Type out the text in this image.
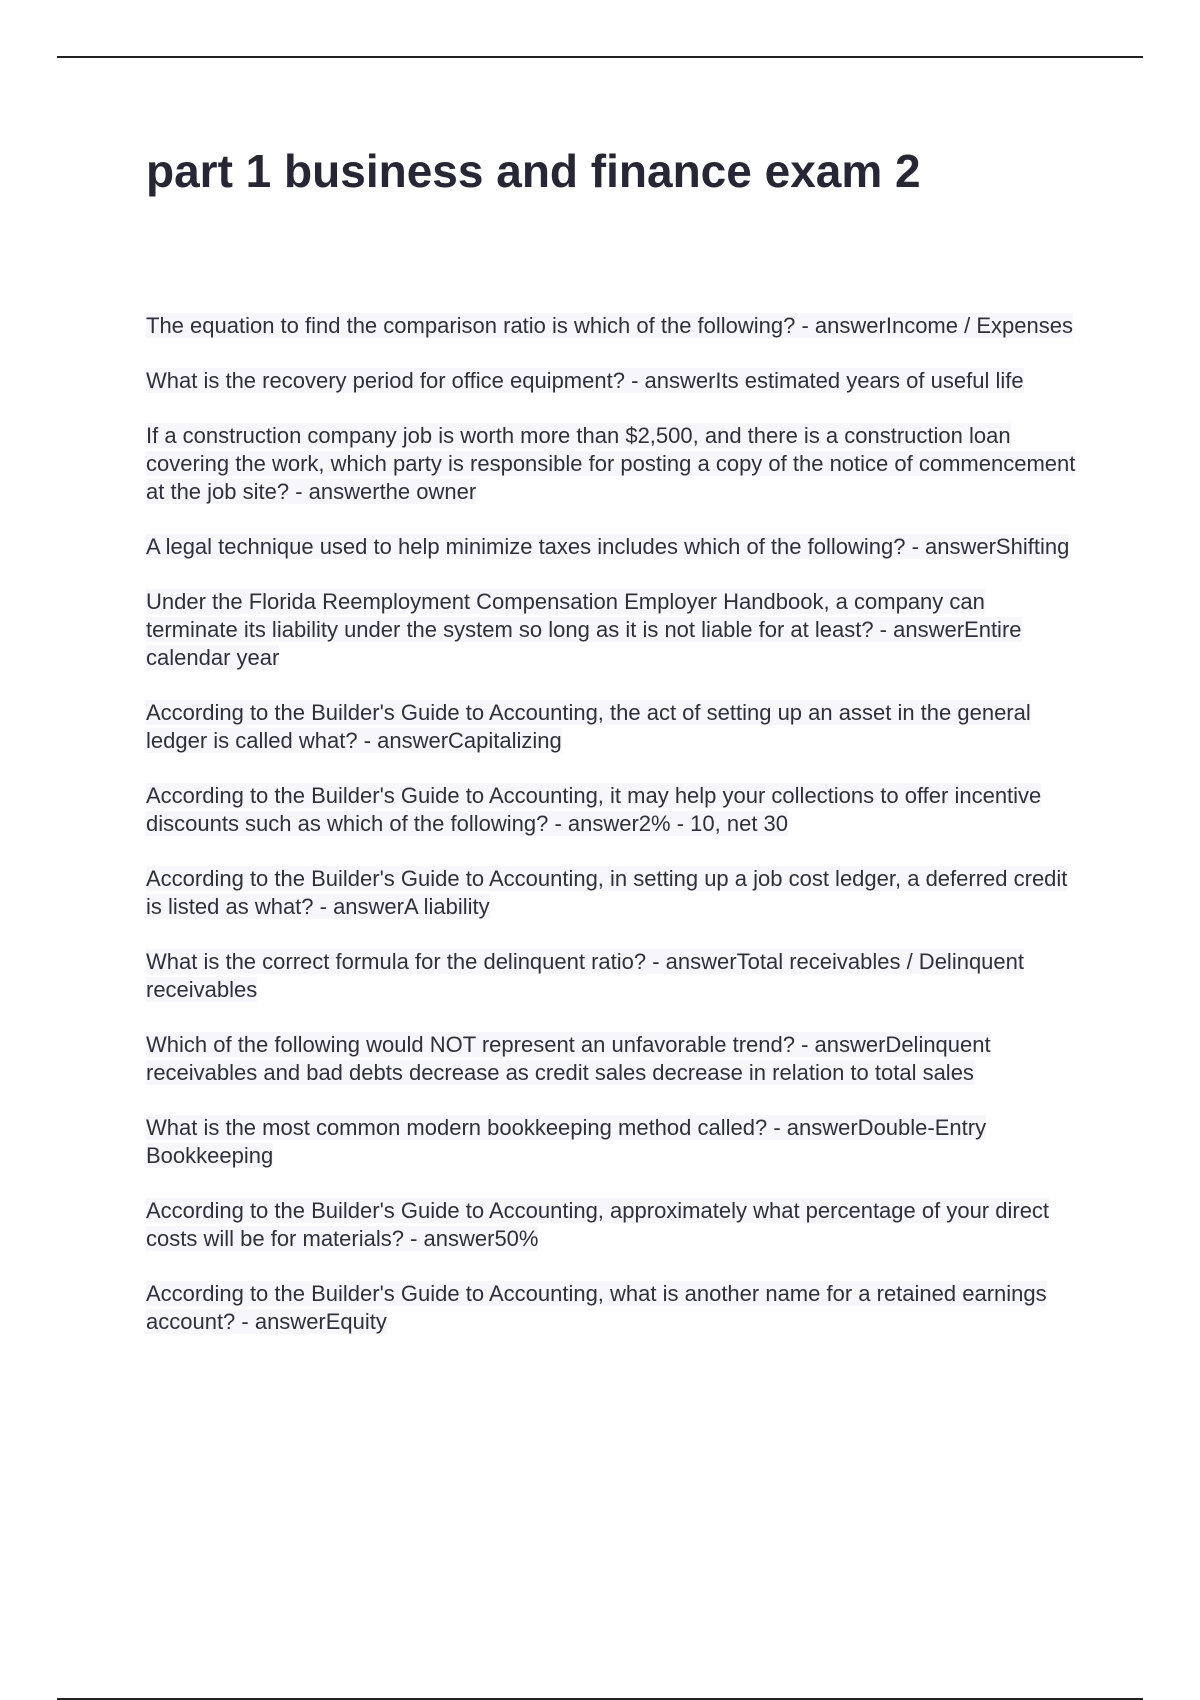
part 1 business and finance exam 2
The equation to find the comparison ratio is which of the following? - answerIncome / Expenses
What is the recovery period for office equipment? - answerIts estimated years of useful life
If a construction company job is worth more than $2,500, and there is a construction loan covering the work, which party is responsible for posting a copy of the notice of commencement at the job site? - answerthe owner
A legal technique used to help minimize taxes includes which of the following? - answerShifting
Under the Florida Reemployment Compensation Employer Handbook, a company can terminate its liability under the system so long as it is not liable for at least? - answerEntire calendar year
According to the Builder's Guide to Accounting, the act of setting up an asset in the general ledger is called what? - answerCapitalizing
According to the Builder's Guide to Accounting, it may help your collections to offer incentive discounts such as which of the following? - answer2% - 10, net 30
According to the Builder's Guide to Accounting, in setting up a job cost ledger, a deferred credit is listed as what? - answerA liability
What is the correct formula for the delinquent ratio? - answerTotal receivables / Delinquent receivables
Which of the following would NOT represent an unfavorable trend? - answerDelinquent receivables and bad debts decrease as credit sales decrease in relation to total sales
What is the most common modern bookkeeping method called? - answerDouble-Entry Bookkeeping
According to the Builder's Guide to Accounting, approximately what percentage of your direct costs will be for materials? - answer50%
According to the Builder's Guide to Accounting, what is another name for a retained earnings account? - answerEquity
